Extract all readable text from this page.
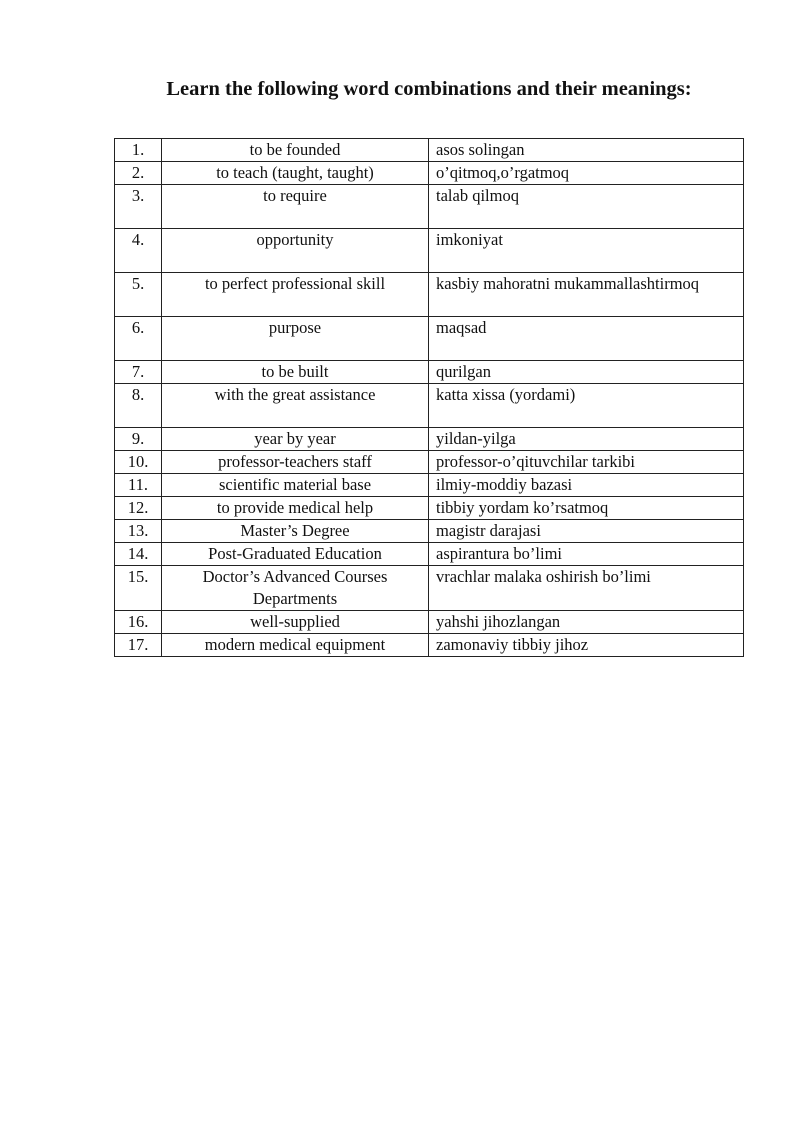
Learn the following word combinations and their meanings:
1.	to be founded	asos solingan
2.	to teach (taught, taught)	o’qitmoq,o’rgatmoq
3.	to require	talab qilmoq
4.	opportunity	imkoniyat
5.	to perfect professional skill	kasbiy mahoratni mukammallashtirmoq
6.	purpose	maqsad
7.	to be built	qurilgan
8.	with the great assistance	katta xissa (yordami)
9.	year by year	yildan-yilga
10.	professor-teachers staff	professor-o’qituvchilar tarkibi
11.	scientific material base	ilmiy-moddiy bazasi
12.	to provide medical help	tibbiy yordam ko’rsatmoq
13.	Master’s Degree	magistr darajasi
14.	Post-Graduated Education	aspirantura bo’limi
15.	Doctor’s Advanced Courses Departments	vrachlar malaka oshirish bo’limi
16.	well-supplied	yahshi jihozlangan
17.	modern medical equipment	zamonaviy tibbiy jihoz
